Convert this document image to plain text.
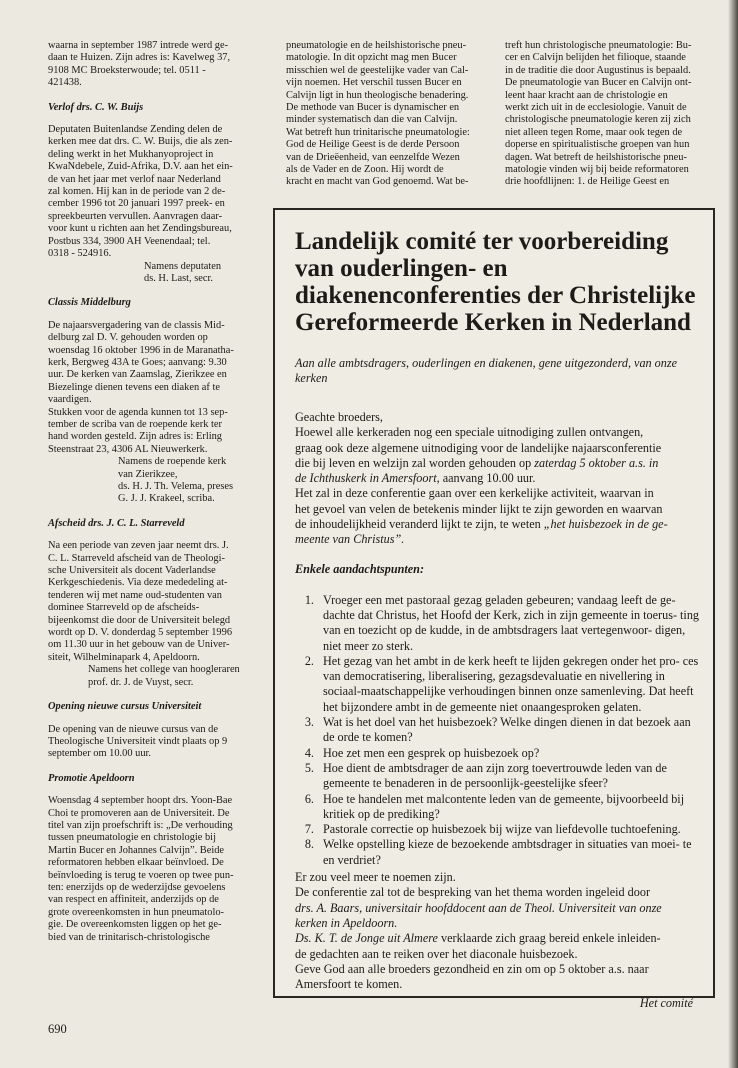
waarna in september 1987 intrede werd ge-
daan te Huizen. Zijn adres is: Kavelweg 37,
9108 MC Broeksterwoude; tel. 0511 -
421438.

Verlof drs. C. W. Buijs

Deputaten Buitenlandse Zending delen de
kerken mee dat drs. C. W. Buijs, die als zen-
deling werkt in het Mukhanyoproject in
KwaNdebele, Zuid-Afrika, D.V. aan het ein-
de van het jaar met verlof naar Nederland
zal komen. Hij kan in de periode van 2 de-
cember 1996 tot 20 januari 1997 preek- en
spreekbeurten vervullen. Aanvragen daar-
voor kunt u richten aan het Zendingsbureau,
Postbus 334, 3900 AH Veenendaal; tel.
0318 - 524916.

Namens deputaten
ds. H. Last, secr.

Classis Middelburg

De najaarsvergadering van de classis Mid-
delburg zal D. V. gehouden worden op
woensdag 16 oktober 1996 in de Maranatha-
kerk, Bergweg 43A te Goes; aanvang: 9.30
uur. De kerken van Zaamslag, Zierikzee en
Biezelinge dienen tevens een diaken af te
vaardigen.
Stukken voor de agenda kunnen tot 13 sep-
tember de scriba van de roepende kerk ter
hand worden gesteld. Zijn adres is: Erling
Steenstraat 23, 4306 AL Nieuwerkerk.

Namens de roepende kerk
van Zierikzee,
ds. H. J. Th. Velema, preses
G. J. J. Krakeel, scriba.

Afscheid drs. J. C. L. Starreveld

Na een periode van zeven jaar neemt drs. J.
C. L. Starreveld afscheid van de Theologi-
sche Universiteit als docent Vaderlandse
Kerkgeschiedenis. Via deze mededeling at-
tenderen wij met name oud-studenten van
dominee Starreveld op de afscheids-
bijeenkomst die door de Universiteit belegd
wordt op D. V. donderdag 5 september 1996
om 11.30 uur in het gebouw van de Univer-
siteit, Wilhelminapark 4, Apeldoorn.

Namens het college van hoogleraren
prof. dr. J. de Vuyst, secr.

Opening nieuwe cursus Universiteit

De opening van de nieuwe cursus van de
Theologische Universiteit vindt plaats op 9
september om 10.00 uur.

Promotie Apeldoorn

Woensdag 4 september hoopt drs. Yoon-Bae
Choi te promoveren aan de Universiteit. De
titel van zijn proefschrift is: „De verhouding
tussen pneumatologie en christologie bij
Martin Bucer en Johannes Calvijn”. Beide
reformatoren hebben elkaar beïnvloed. De
beïnvloeding is terug te voeren op twee pun-
ten: enerzijds op de wederzijdse gevoelens
van respect en affiniteit, anderzijds op de
grote overeenkomsten in hun pneumatolo-
gie. De overeenkomsten liggen op het ge-
bied van de trinitarisch-christologische

pneumatologie en de heilshistorische pneu-
matologie. In dit opzicht mag men Bucer
misschien wel de geestelijke vader van Cal-
vijn noemen. Het verschil tussen Bucer en
Calvijn ligt in hun theologische benadering.
De methode van Bucer is dynamischer en
minder systematisch dan die van Calvijn.
Wat betreft hun trinitarische pneumatologie:
God de Heilige Geest is de derde Persoon
van de Drieëenheid, van eenzelfde Wezen
als de Vader en de Zoon. Hij wordt de
kracht en macht van God genoemd. Wat be-

treft hun christologische pneumatologie: Bu-
cer en Calvijn belijden het filioque, staande
in de traditie die door Augustinus is bepaald.
De pneumatologie van Bucer en Calvijn ont-
leent haar kracht aan de christologie en
werkt zich uit in de ecclesiologie. Vanuit de
christologische pneumatologie keren zij zich
niet alleen tegen Rome, maar ook tegen de
doperse en spiritualistische groepen van hun
dagen. Wat betreft de heilshistorische pneu-
matologie vinden wij bij beide reformatoren
drie hoofdlijnen: 1. de Heilige Geest en

Landelijk comité ter voorbereiding van ouderlingen- en diakenenconferenties der Christelijke Gereformeerde Kerken in Nederland

Aan alle ambtsdragers, ouderlingen en diakenen, gene uitgezonderd, van onze kerken

Geachte broeders,

Hoewel alle kerkeraden nog een speciale uitnodiging zullen ontvangen,
graag ook deze algemene uitnodiging voor de landelijke najaarsconferentie
die bij leven en welzijn zal worden gehouden op zaterdag 5 oktober a.s. in
de Ichthuskerk in Amersfoort, aanvang 10.00 uur.
Het zal in deze conferentie gaan over een kerkelijke activiteit, waarvan in
het gevoel van velen de betekenis minder lijkt te zijn geworden en waarvan
de inhoudelijkheid veranderd lijkt te zijn, te weten „het huisbezoek in de ge-
meente van Christus”.

Enkele aandachtspunten:
1. Vroeger een met pastoraal gezag geladen gebeuren; vandaag leeft de ge- dachte dat Christus, het Hoofd der Kerk, zich in zijn gemeente in toerus- ting van en toezicht op de kudde, in de ambtsdragers laat vertegenwoor- digen, niet meer zo sterk.
2. Het gezag van het ambt in de kerk heeft te lijden gekregen onder het pro- ces van democratisering, liberalisering, gezagsdevaluatie en nivellering in sociaal-maatschappelijke verhoudingen binnen onze samenleving. Dat heeft het bijzondere ambt in de gemeente niet onaangesproken gelaten.
3. Wat is het doel van het huisbezoek? Welke dingen dienen in dat bezoek aan de orde te komen?
4. Hoe zet men een gesprek op huisbezoek op?
5. Hoe dient de ambtsdrager de aan zijn zorg toevertrouwde leden van de gemeente te benaderen in de persoonlijk-geestelijke sfeer?
6. Hoe te handelen met malcontente leden van de gemeente, bijvoorbeeld bij kritiek op de prediking?
7. Pastorale correctie op huisbezoek bij wijze van liefdevolle tuchtoefening.
8. Welke opstelling kieze de bezoekende ambtsdrager in situaties van moei- te en verdriet?
Er zou veel meer te noemen zijn.
De conferentie zal tot de bespreking van het thema worden ingeleid door
drs. A. Baars, universitair hoofddocent aan de Theol. Universiteit van onze
kerken in Apeldoorn.
Ds. K. T. de Jonge uit Almere verklaarde zich graag bereid enkele inleiden-
de gedachten aan te reiken over het diaconale huisbezoek.
Geve God aan alle broeders gezondheid en zin om op 5 oktober a.s. naar
Amersfoort te komen.
Het comité
690
